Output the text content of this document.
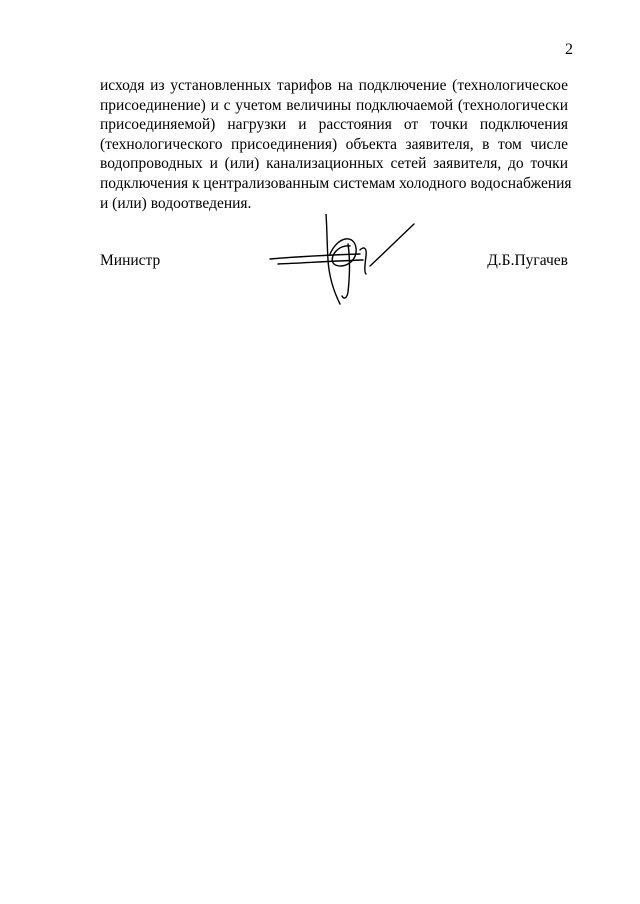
2
исходя из установленных тарифов на подключение (технологическое
присоединение) и с учетом величины подключаемой (технологически
присоединяемой) нагрузки и расстояния от точки подключения
(технологического присоединения) объекта заявителя, в том числе
водопроводных и (или) канализационных сетей заявителя, до точки
подключения к централизованным системам холодного водоснабжения
и (или) водоотведения.
Министр	Д.Б.Пугачев
